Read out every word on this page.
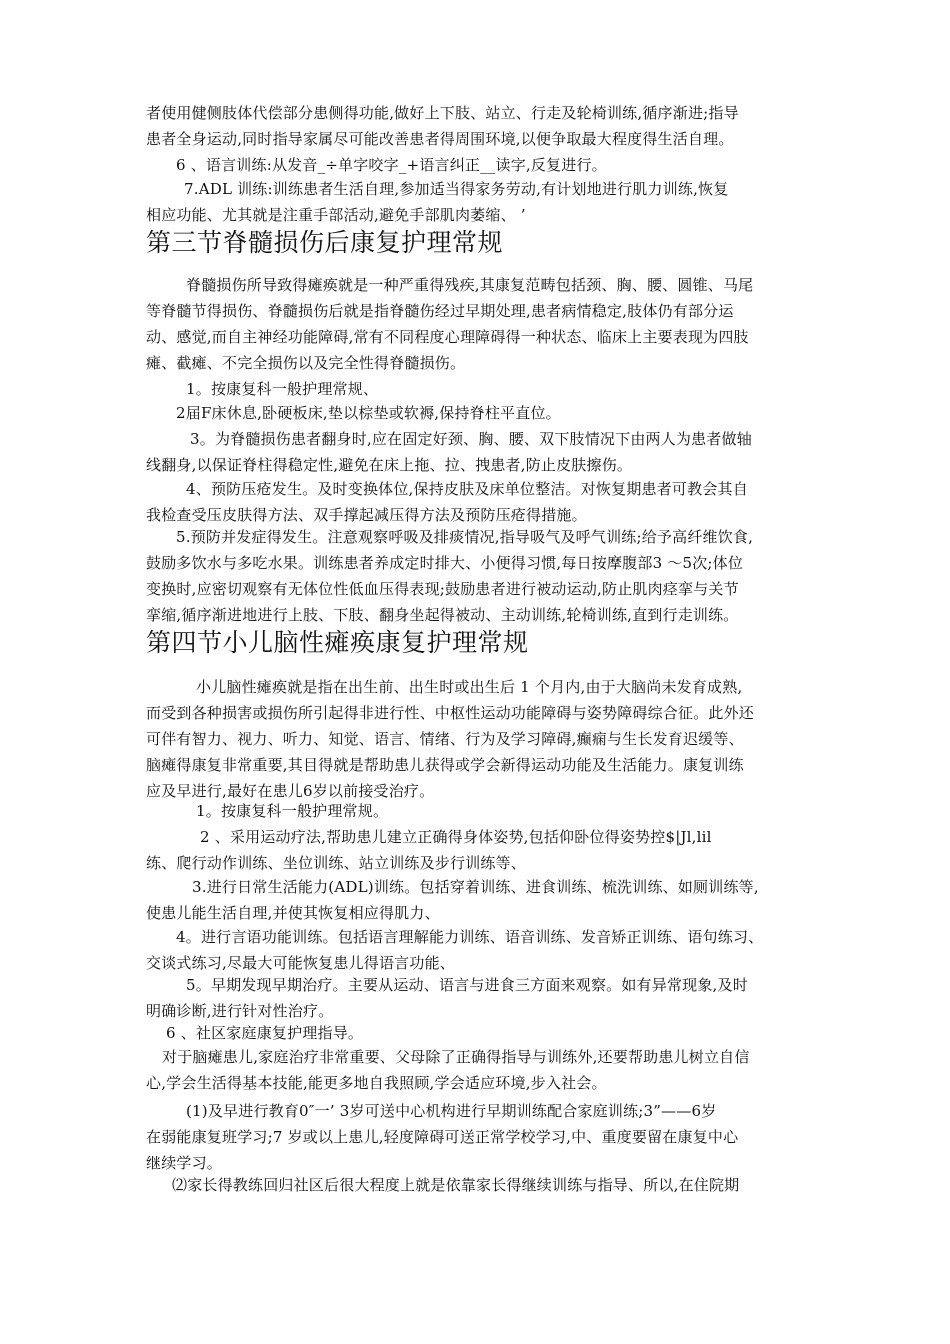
者使用健侧肢体代偿部分患侧得功能,做好上下肢、站立、行走及轮椅训练,循序渐进;指导
患者全身运动,同时指导家属尽可能改善患者得周围环境,以便争取最大程度得生活自理。
6 、语言训练:从发音_÷单字咬字_+语言纠正__读字,反复进行。
7.ADL 训练:训练患者生活自理,参加适当得家务劳动,有计划地进行肌力训练,恢复
相应功能、尤其就是注重手部活动,避免手部肌肉萎缩、 ’
第三节脊髓损伤后康复护理常规
脊髓损伤所导致得瘫痪就是一种严重得残疾,其康复范畴包括颈、胸、腰、圆锥、马尾
等脊髓节得损伤、脊髓损伤后就是指脊髓伤经过早期处理,患者病情稳定,肢体仍有部分运
动、感觉,而自主神经功能障碍,常有不同程度心理障碍得一种状态、临床上主要表现为四肢
瘫、截瘫、不完全损伤以及完全性得脊髓损伤。
1。按康复科一般护理常规、
2届F床休息,卧硬板床,垫以棕垫或软褥,保持脊柱平直位。
3。为脊髓损伤患者翻身时,应在固定好颈、胸、腰、双下肢情况下由两人为患者做轴
线翻身,以保证脊柱得稳定性,避免在床上拖、拉、拽患者,防止皮肤擦伤。
4、预防压疮发生。及时变换体位,保持皮肤及床单位整洁。对恢复期患者可教会其自
我检查受压皮肤得方法、双手撑起减压得方法及预防压疮得措施。
5.预防并发症得发生。注意观察呼吸及排痰情况,指导吸气及呼气训练;给予高纤维饮食,
鼓励多饮水与多吃水果。训练患者养成定时排大、小便得习惯,每日按摩腹部3 ～5次;体位
变换时,应密切观察有无体位性低血压得表现;鼓励患者进行被动运动,防止肌肉痉挛与关节
挛缩,循序渐进地进行上肢、下肢、翻身坐起得被动、主动训练,轮椅训练,直到行走训练。
第四节小儿脑性瘫痪康复护理常规
小儿脑性瘫痪就是指在出生前、出生时或出生后 1 个月内,由于大脑尚未发育成熟,
而受到各种损害或损伤所引起得非进行性、中枢性运动功能障碍与姿势障碍综合征。此外还
可伴有智力、视力、听力、知觉、语言、情绪、行为及学习障碍,癫痫与生长发育迟缓等、
脑瘫得康复非常重要,其目得就是帮助患儿获得或学会新得运动功能及生活能力。康复训练
应及早进行,最好在患儿6岁以前接受治疗。
1。按康复科一般护理常规。
2 、采用运动疗法,帮助患儿建立正确得身体姿势,包括仰卧位得姿势控$|Jl,lil
练、爬行动作训练、坐位训练、站立训练及步行训练等、
3.进行日常生活能力(ADL)训练。包括穿着训练、进食训练、梳洗训练、如厕训练等,
使患儿能生活自理,并使其恢复相应得肌力、
4。进行言语功能训练。包括语言理解能力训练、语音训练、发音矫正训练、语句练习、
交谈式练习,尽最大可能恢复患儿得语言功能、
5。早期发现早期治疗。主要从运动、语言与进食三方面来观察。如有异常现象,及时
明确诊断,进行针对性治疗。
6 、社区家庭康复护理指导。
对于脑瘫患儿,家庭治疗非常重要、父母除了正确得指导与训练外,还要帮助患儿树立自信
心,学会生活得基本技能,能更多地自我照顾,学会适应环境,步入社会。
(1)及早进行教育0″一’ 3岁可送中心机构进行早期训练配合家庭训练;3”——6岁
在弱能康复班学习;7 岁或以上患儿,轻度障碍可送正常学校学习,中、重度要留在康复中心
继续学习。
⑵家长得教练回归社区后很大程度上就是依靠家长得继续训练与指导、所以,在住院期
